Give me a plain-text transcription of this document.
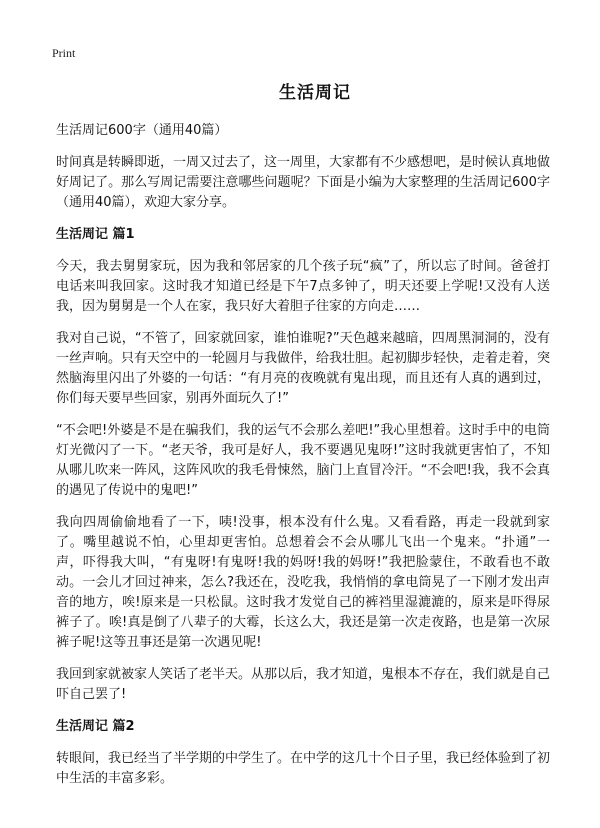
Print
生活周记
生活周记600字（通用40篇）
时间真是转瞬即逝，一周又过去了，这一周里，大家都有不少感想吧，是时候认真地做好周记了。那么写周记需要注意哪些问题呢？下面是小编为大家整理的生活周记600字（通用40篇），欢迎大家分享。
生活周记 篇1
今天，我去舅舅家玩，因为我和邻居家的几个孩子玩“疯”了，所以忘了时间。爸爸打电话来叫我回家。这时我才知道已经是下午7点多钟了，明天还要上学呢!又没有人送我，因为舅舅是一个人在家，我只好大着胆子往家的方向走……
我对自己说，“不管了，回家就回家，谁怕谁呢?”天色越来越暗，四周黑洞洞的，没有一丝声响。只有天空中的一轮圆月与我做伴，给我壮胆。起初脚步轻快，走着走着，突然脑海里闪出了外婆的一句话：“有月亮的夜晚就有鬼出现，而且还有人真的遇到过，你们每天要早些回家，别再外面玩久了!”
“不会吧!外婆是不是在骗我们，我的运气不会那么差吧!”我心里想着。这时手中的电筒灯光微闪了一下。“老天爷，我可是好人，我不要遇见鬼呀!”这时我就更害怕了，不知从哪儿吹来一阵风，这阵风吹的我毛骨悚然，脑门上直冒冷汗。“不会吧!我，我不会真的遇见了传说中的鬼吧!”
我向四周偷偷地看了一下，咦!没事，根本没有什么鬼。又看看路，再走一段就到家了。嘴里越说不怕，心里却更害怕。总想着会不会从哪儿飞出一个鬼来。“扑通”一声，吓得我大叫，“有鬼呀!有鬼呀!我的妈呀!我的妈呀!”我把脸蒙住，不敢看也不敢动。一会儿才回过神来，怎么?我还在，没吃我，我悄悄的拿电筒晃了一下刚才发出声音的地方，唉!原来是一只松鼠。这时我才发觉自己的裤裆里湿漉漉的，原来是吓得尿裤子了。唉!真是倒了八辈子的大霉，长这么大，我还是第一次走夜路，也是第一次尿裤子呢!这等丑事还是第一次遇见呢!
我回到家就被家人笑话了老半天。从那以后，我才知道，鬼根本不存在，我们就是自己吓自己罢了!
生活周记 篇2
转眼间，我已经当了半学期的中学生了。在中学的这几十个日子里，我已经体验到了初中生活的丰富多彩。
